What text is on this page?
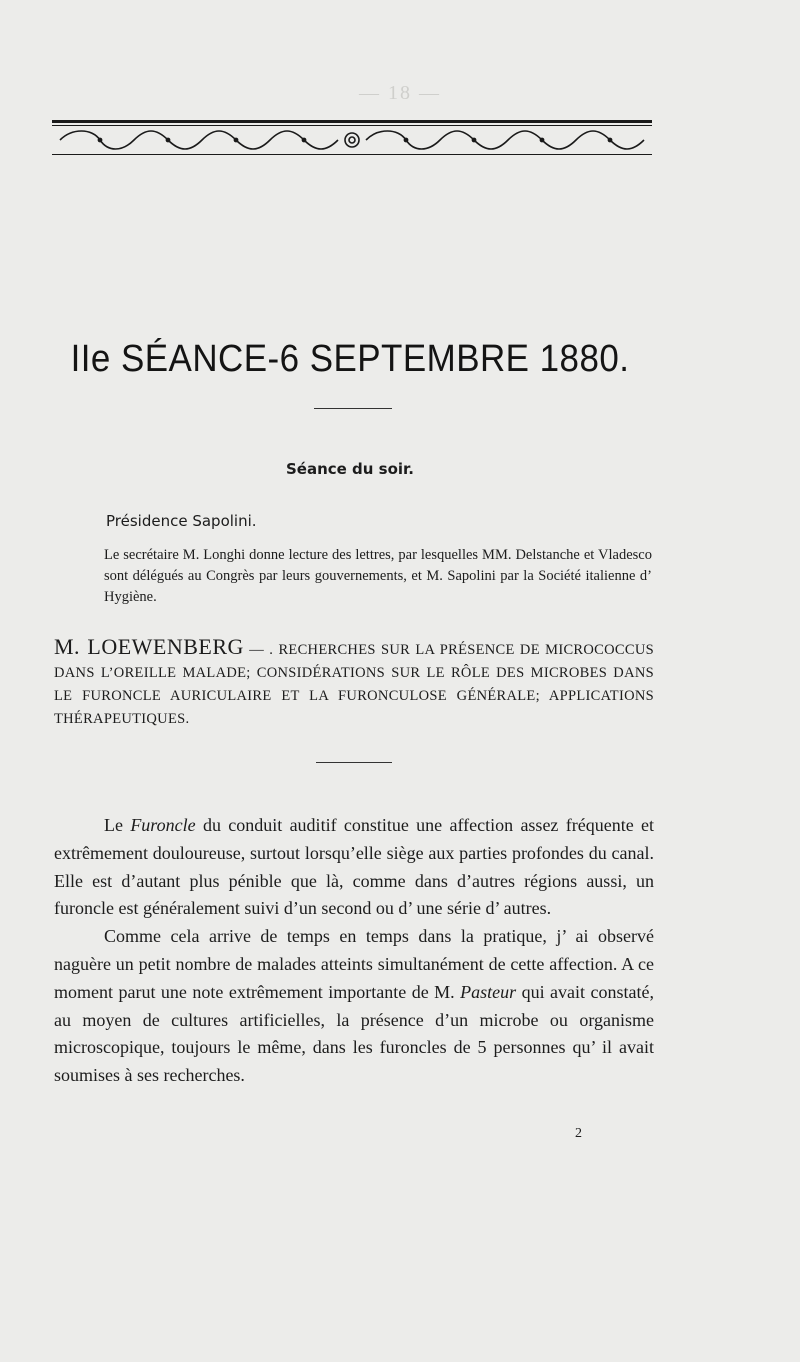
— 18 —
IIe SÉANCE-6 SEPTEMBRE 1880.
Séance du soir.
Présidence Sapolini.

Le secrétaire M. Longhi donne lecture des lettres, par lesquelles MM. Delstanche et Vladesco sont délégués au Congrès par leurs gouvernements, et M. Sapolini par la Société italienne d’ Hygiène.

M. LOEWENBERG — . RECHERCHES SUR LA PRÉSENCE DE MICROCOCCUS DANS L’OREILLE MALADE; CONSIDÉRATIONS SUR LE RÔLE DES MICROBES DANS LE FURONCLE AURICULAIRE ET LA FURONCULOSE GÉNÉRALE; APPLICATIONS THÉRAPEUTIQUES.

Le Furoncle du conduit auditif constitue une affection assez fréquente et extrêmement douloureuse, surtout lorsqu’elle siège aux parties profondes du canal. Elle est d’autant plus pénible que là, comme dans d’autres régions aussi, un furoncle est généralement suivi d’un second ou d’ une série d’ autres.

Comme cela arrive de temps en temps dans la pratique, j’ ai observé naguère un petit nombre de malades atteints simultanément de cette affection. A ce moment parut une note extrêmement importante de M. Pasteur qui avait constaté, au moyen de cultures artificielles, la présence d’un microbe ou organisme microscopique, toujours le même, dans les furoncles de 5 personnes qu’ il avait soumises à ses recherches.

2
